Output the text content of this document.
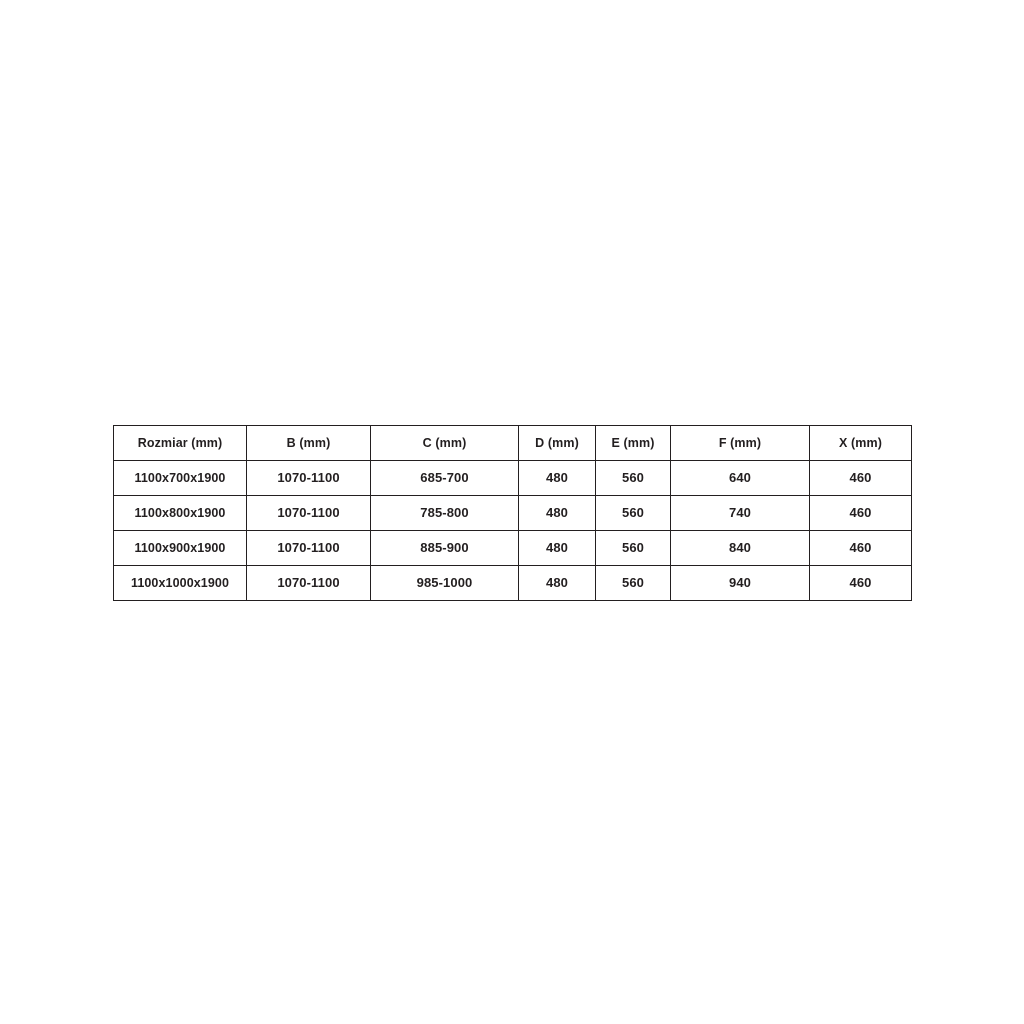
Rozmiar (mm)	B (mm)	C (mm)	D (mm)	E (mm)	F (mm)	X (mm)
1100x700x1900	1070-1100	685-700	480	560	640	460
1100x800x1900	1070-1100	785-800	480	560	740	460
1100x900x1900	1070-1100	885-900	480	560	840	460
1100x1000x1900	1070-1100	985-1000	480	560	940	460
